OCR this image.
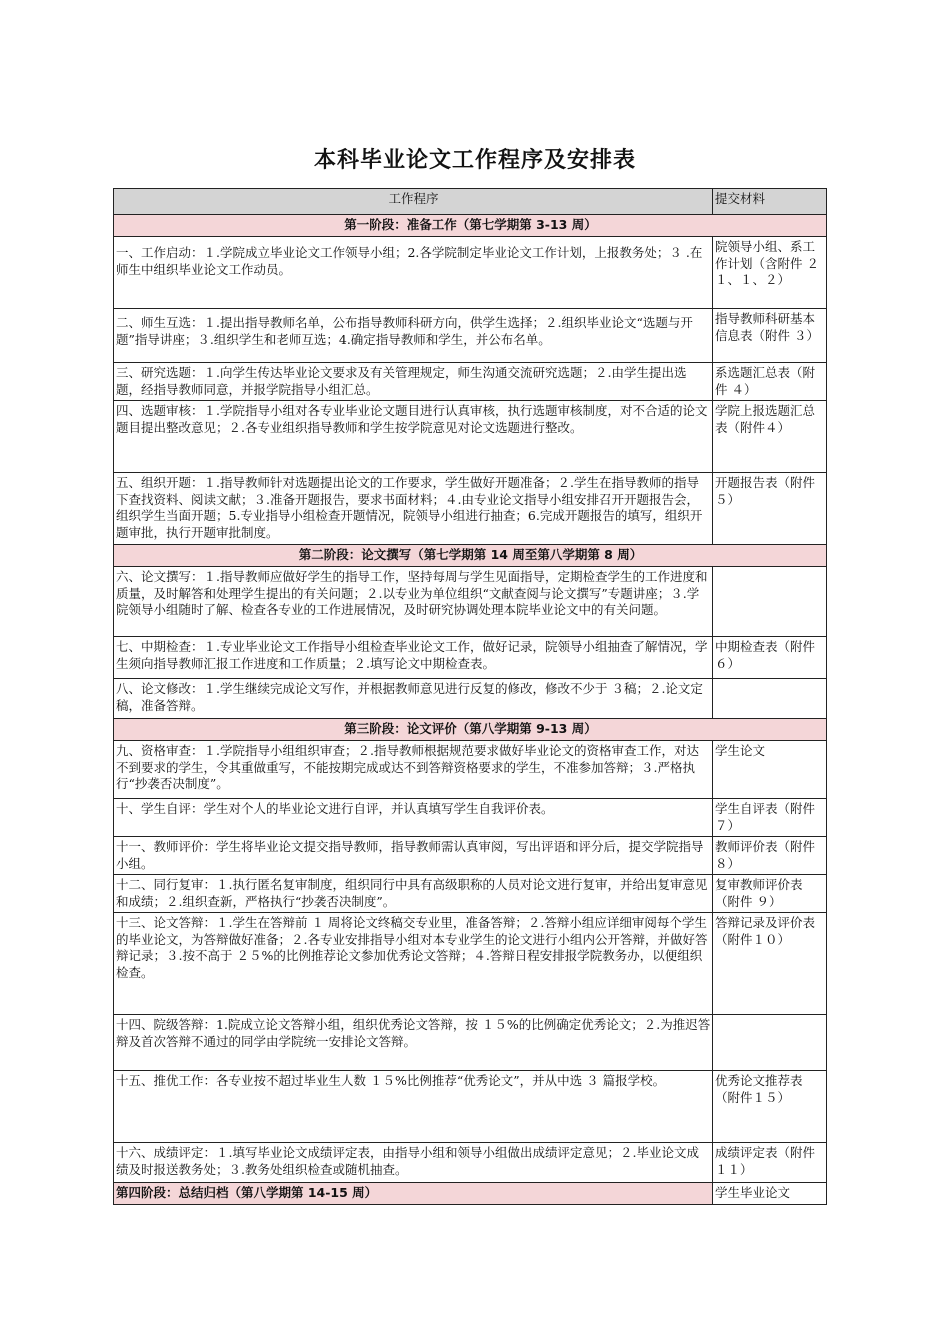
本科毕业论文工作程序及安排表
工作程序	提交材料
第一阶段：准备工作（第七学期第 3-13 周）	
一、工作启动：１.学院成立毕业论文工作领导小组；2.各学院制定毕业论文工作计划，上报教务处；３ .在师生中组织毕业论文工作动员。	院领导小组、系工作计划（含附件 ２１、１、２）
二、师生互选：１.提出指导教师名单，公布指导教师科研方向，供学生选择；２.组织毕业论文“选题与开题”指导讲座；３.组织学生和老师互选；4.确定指导教师和学生，并公布名单。	指导教师科研基本信息表（附件 ３）
三、研究选题：１.向学生传达毕业论文要求及有关管理规定，师生沟通交流研究选题；２.由学生提出选题，经指导教师同意，并报学院指导小组汇总。	系选题汇总表（附件 ４）
四、选题审核：１.学院指导小组对各专业毕业论文题目进行认真审核，执行选题审核制度，对不合适的论文题目提出整改意见；２.各专业组织指导教师和学生按学院意见对论文选题进行整改。	学院上报选题汇总表（附件４）
五、组织开题：１.指导教师针对选题提出论文的工作要求，学生做好开题准备；２.学生在指导教师的指导下查找资料、阅读文献；３.准备开题报告，要求书面材料；４.由专业论文指导小组安排召开开题报告会，组织学生当面开题；5.专业指导小组检查开题情况，院领导小组进行抽查；6.完成开题报告的填写，组织开题审批，执行开题审批制度。	开题报告表（附件 ５）
第二阶段：论文撰写（第七学期第 14 周至第八学期第 8 周）	
六、论文撰写：１.指导教师应做好学生的指导工作，坚持每周与学生见面指导，定期检查学生的工作进度和质量，及时解答和处理学生提出的有关问题；２.以专业为单位组织“文献查阅与论文撰写”专题讲座；３.学院领导小组随时了解、检查各专业的工作进展情况，及时研究协调处理本院毕业论文中的有关问题。	
七、中期检查：１.专业毕业论文工作指导小组检查毕业论文工作，做好记录，院领导小组抽查了解情况，学生须向指导教师汇报工作进度和工作质量；２.填写论文中期检查表。	中期检查表（附件 ６）
八、论文修改：１.学生继续完成论文写作，并根据教师意见进行反复的修改，修改不少于 ３稿；２.论文定稿，准备答辩。	
第三阶段：论文评价（第八学期第 9-13 周）	
九、资格审查：１.学院指导小组组织审查；２.指导教师根据规范要求做好毕业论文的资格审查工作，对达不到要求的学生，令其重做重写，不能按期完成或达不到答辩资格要求的学生，不准参加答辩；３.严格执行“抄袭否决制度”。	学生论文
十、学生自评：学生对个人的毕业论文进行自评，并认真填写学生自我评价表。	学生自评表（附件 ７）
十一、教师评价：学生将毕业论文提交指导教师，指导教师需认真审阅，写出评语和评分后，提交学院指导小组。	教师评价表（附件 ８）
十二、同行复审：１.执行匿名复审制度，组织同行中具有高级职称的人员对论文进行复审，并给出复审意见和成绩；２.组织查新，严格执行“抄袭否决制度”。	复审教师评价表（附件 ９）
十三、论文答辩：１.学生在答辩前 １ 周将论文终稿交专业里，准备答辩；２.答辩小组应详细审阅每个学生的毕业论文，为答辩做好准备；２.各专业安排指导小组对本专业学生的论文进行小组内公开答辩，并做好答辩记录；３.按不高于 ２５%的比例推荐论文参加优秀论文答辩；４.答辩日程安排报学院教务办，以便组织检查。	答辩记录及评价表（附件１０）
十四、院级答辩：1.院成立论文答辩小组，组织优秀论文答辩，按 １５%的比例确定优秀论文；２.为推迟答辩及首次答辩不通过的同学由学院统一安排论文答辩。	
十五、推优工作：各专业按不超过毕业生人数 １５%比例推荐“优秀论文”，并从中选 ３ 篇报学校。	优秀论文推荐表（附件１５）
十六、成绩评定：１.填写毕业论文成绩评定表，由指导小组和领导小组做出成绩评定意见；２.毕业论文成绩及时报送教务处；３.教务处组织检查或随机抽查。	成绩评定表（附件 １１）
第四阶段：总结归档（第八学期第 14-15 周）	学生毕业论文
